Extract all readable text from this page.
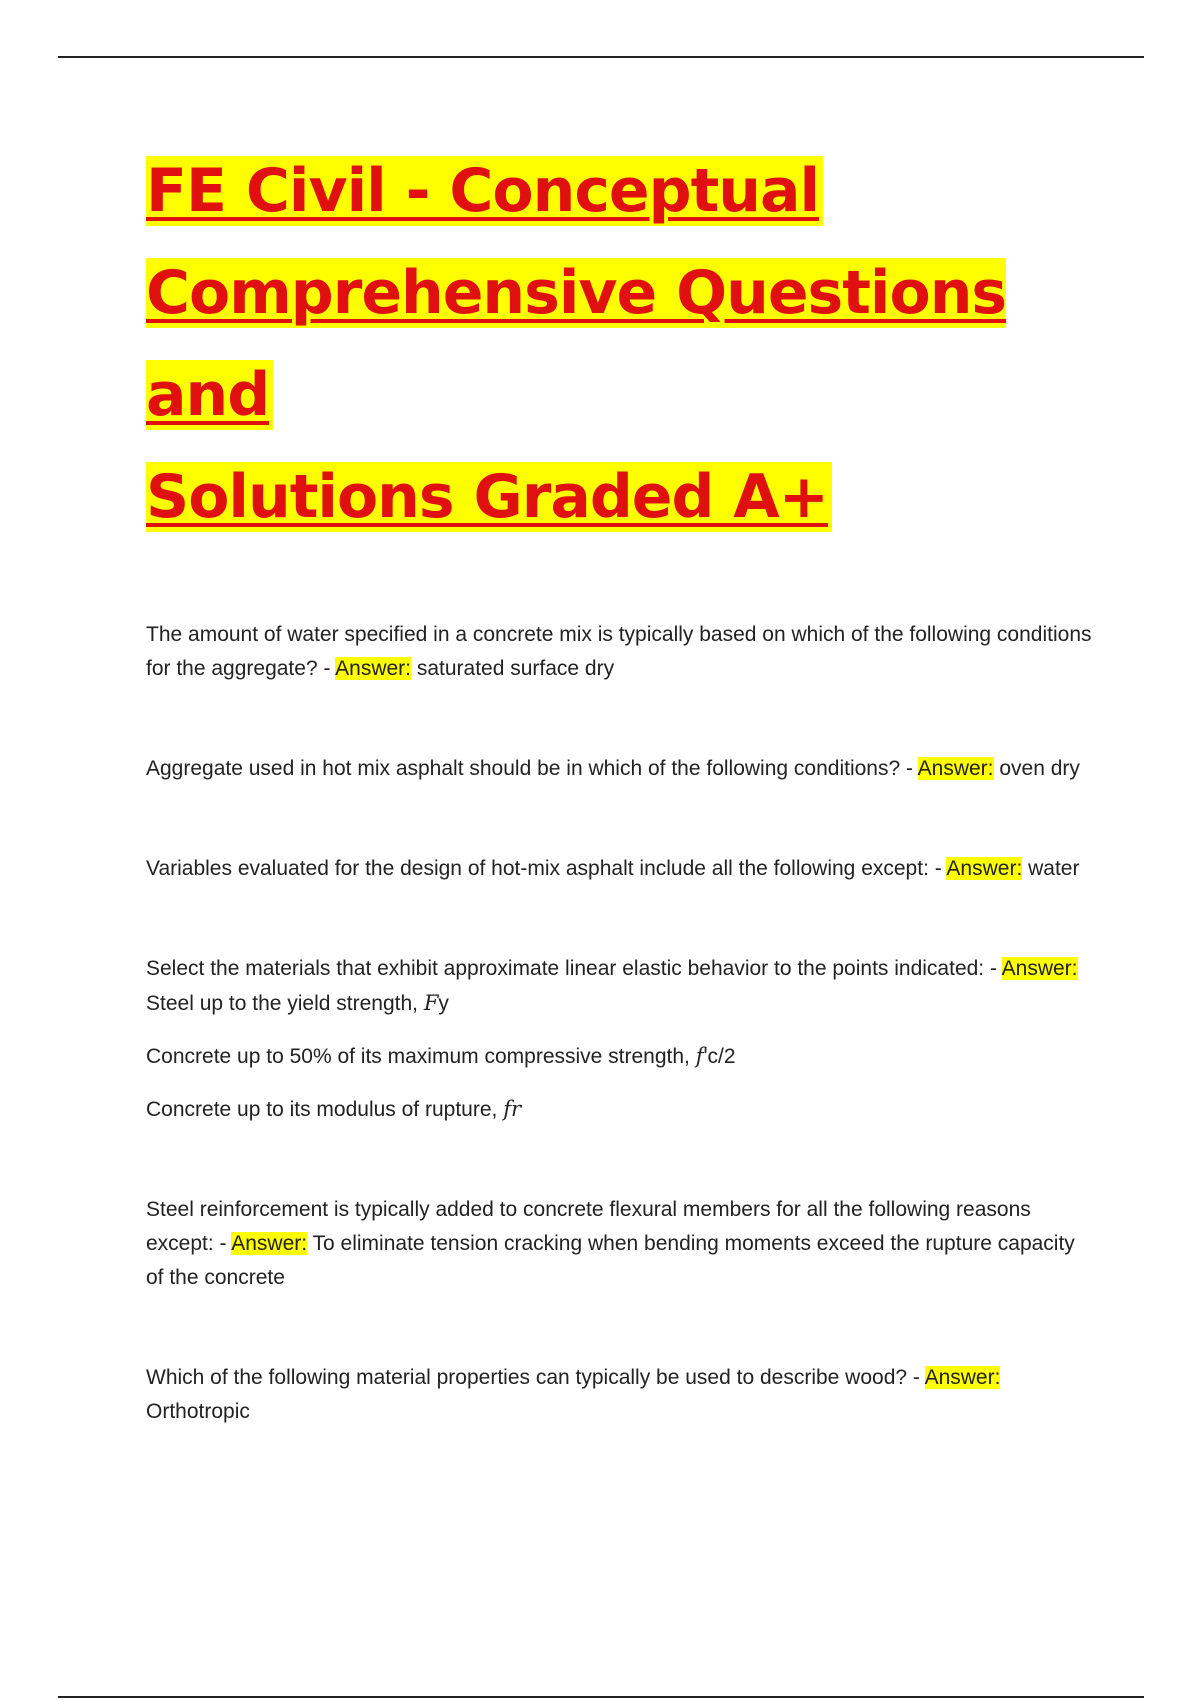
FE Civil - Conceptual
Comprehensive Questions and
Solutions Graded A+

The amount of water specified in a concrete mix is typically based on which of the following conditions for the aggregate? - Answer: saturated surface dry

Aggregate used in hot mix asphalt should be in which of the following conditions? - Answer: oven dry

Variables evaluated for the design of hot-mix asphalt include all the following except: - Answer: water

Select the materials that exhibit approximate linear elastic behavior to the points indicated: - Answer: Steel up to the yield strength, Fy

Concrete up to 50% of its maximum compressive strength, f'c/2

Concrete up to its modulus of rupture, fr

Steel reinforcement is typically added to concrete flexural members for all the following reasons except: - Answer: To eliminate tension cracking when bending moments exceed the rupture capacity of the concrete

Which of the following material properties can typically be used to describe wood? - Answer: Orthotropic
